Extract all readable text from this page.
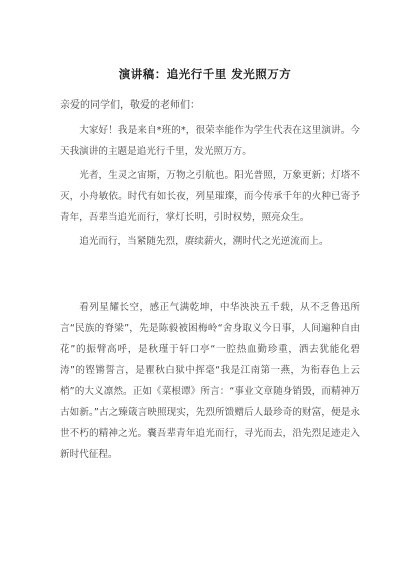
演讲稿：追光行千里 发光照万方
亲爱的同学们，敬爱的老师们：
大家好！我是来自*班的*，很荣幸能作为学生代表在这里演讲。今天我演讲的主题是追光行千里，发光照万方。
光者，生灵之宙斯，万物之引航也。阳光普照，万象更新；灯塔不灭，小舟敏依。时代有如长夜，列星璀璨，而今传承千年的火种已寄予青年，吾辈当追光而行，掌灯长明，引时权势，照亮众生。
追光而行，当紧随先烈，赓续薪火，溯时代之光逆流而上。
看列星耀长空，感正气满乾坤，中华泱泱五千载，从不乏鲁迅所言“民族的脊梁”，先是陈毅被困梅岭“舍身取义今日事，人间遍种自由花”的振臂高呼，是秋瑾于轩口亭“一腔热血勤珍重，洒去犹能化碧涛”的铿锵誓言，是瞿秋白狱中挥毫“我是江南第一燕，为衔春色上云梢”的大义凛然。正如《菜根谭》所言：“事业文章随身销毁，而精神万古如新。”古之臻箴言映照现实，先烈所馈赠后人最珍奇的财富，便是永世不朽的精神之光。囊吾辈青年追光而行，寻光而去，沿先烈足迹走入新时代征程。
